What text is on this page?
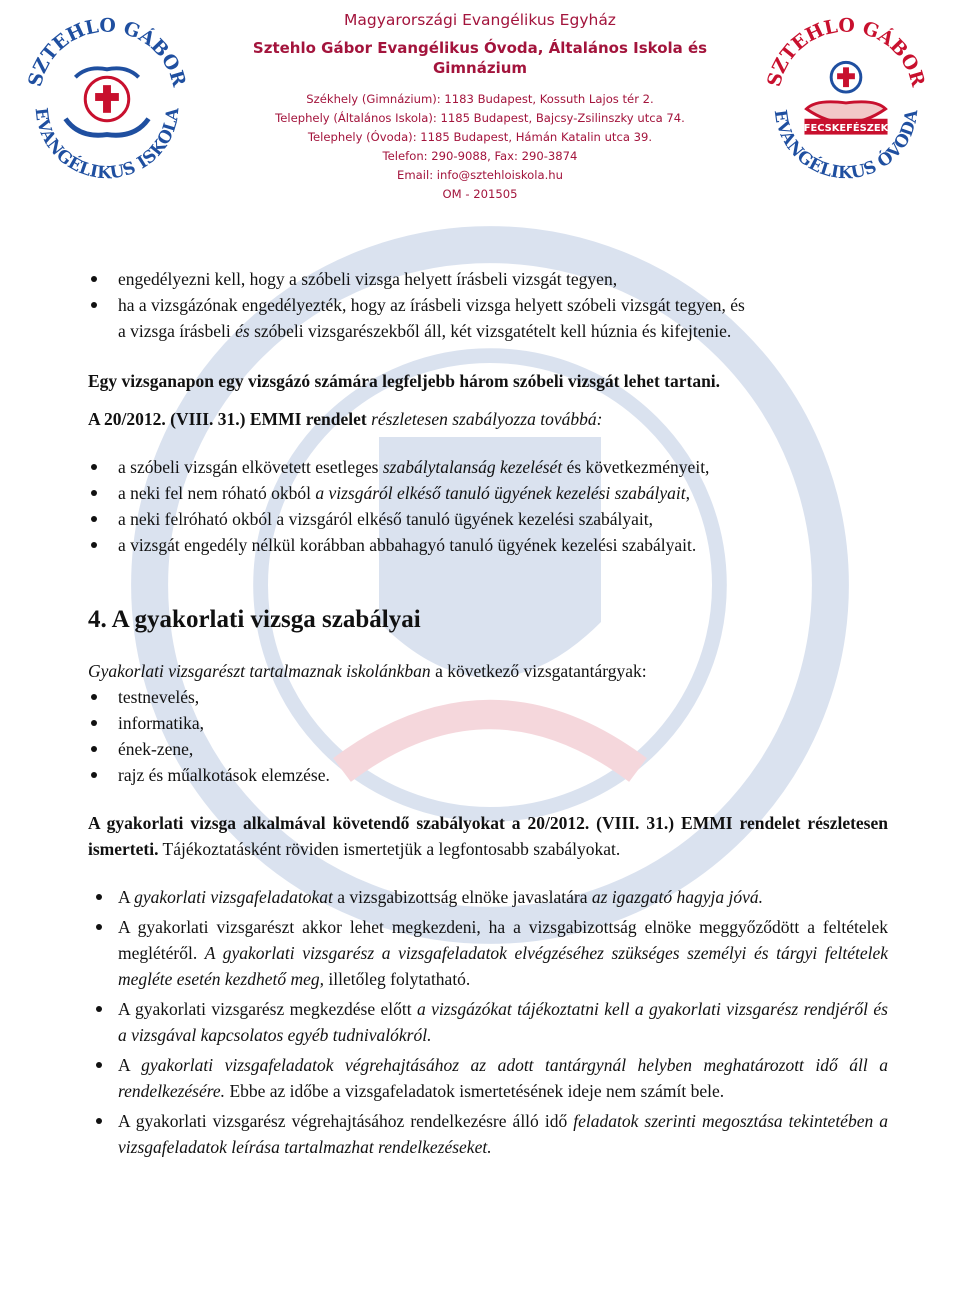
SZTEHLO GÁBOR
EVANGÉLIKUS ISKOLA
Magyarországi Evangélikus Egyház
Sztehlo Gábor Evangélikus Óvoda, Általános Iskola és Gimnázium
Székhely (Gimnázium): 1183 Budapest, Kossuth Lajos tér 2.
Telephely (Általános Iskola): 1185 Budapest, Bajcsy-Zsilinszky utca 74.
Telephely (Óvoda): 1185 Budapest, Hámán Katalin utca 39.
Telefon: 290-9088, Fax: 290-3874
Email: info@sztehloiskola.hu
OM - 201505
SZTEHLO GÁBOR
EVANGÉLIKUS ÓVODA
FECSKEFÉSZEK
engedélyezni kell, hogy a szóbeli vizsga helyett írásbeli vizsgát tegyen,
ha a vizsgázónak engedélyezték, hogy az írásbeli vizsga helyett szóbeli vizsgát tegyen, és

a vizsga írásbeli és szóbeli vizsgarészekből áll, két vizsgatételt kell húznia és kifejtenie.

Egy vizsganapon egy vizsgázó számára legfeljebb három szóbeli vizsgát lehet tartani.

A 20/2012. (VIII. 31.) EMMI rendelet részletesen szabályozza továbbá:

a szóbeli vizsgán elkövetett esetleges szabálytalanság kezelését és következményeit,
a neki fel nem róható okból a vizsgáról elkéső tanuló ügyének kezelési szabályait,
a neki felróható okból a vizsgáról elkéső tanuló ügyének kezelési szabályait,
a vizsgát engedély nélkül korábban abbahagyó tanuló ügyének kezelési szabályait.
4. A gyakorlati vizsga szabályai

Gyakorlati vizsgarészt tartalmaznak iskolánkban a következő vizsgatantárgyak:

testnevelés,
informatika,
ének-zene,
rajz és műalkotások elemzése.

A gyakorlati vizsga alkalmával követendő szabályokat a 20/2012. (VIII. 31.) EMMI rendelet részletesen ismerteti. Tájékoztatásként röviden ismertetjük a legfontosabb szabályokat.

A gyakorlati vizsgafeladatokat a vizsgabizottság elnöke javaslatára az igazgató hagyja jóvá.
A gyakorlati vizsgarészt akkor lehet megkezdeni, ha a vizsgabizottság elnöke meggyőződött a feltételek meglétéről. A gyakorlati vizsgarész a vizsgafeladatok elvégzéséhez szükséges személyi és tárgyi feltételek megléte esetén kezdhető meg, illetőleg folytatható.
A gyakorlati vizsgarész megkezdése előtt a vizsgázókat tájékoztatni kell a gyakorlati vizsgarész rendjéről és a vizsgával kapcsolatos egyéb tudnivalókról.
A gyakorlati vizsgafeladatok végrehajtásához az adott tantárgynál helyben meghatározott idő áll a rendelkezésére. Ebbe az időbe a vizsgafeladatok ismertetésének ideje nem számít bele.
A gyakorlati vizsgarész végrehajtásához rendelkezésre álló idő feladatok szerinti megosztása tekintetében a vizsgafeladatok leírása tartalmazhat rendelkezéseket.
